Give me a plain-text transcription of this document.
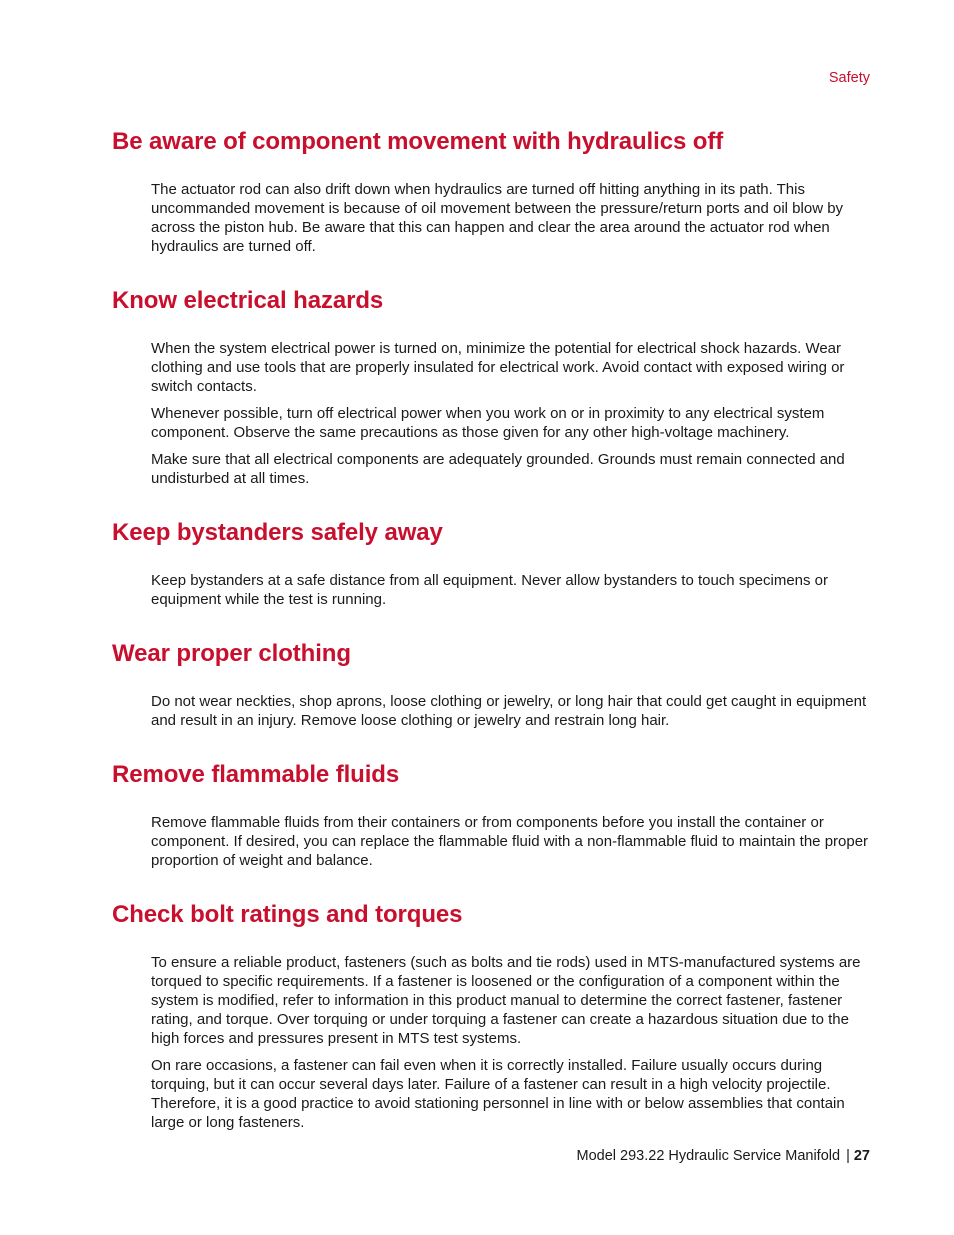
Safety
Be aware of component movement with hydraulics off

The actuator rod can also drift down when hydraulics are turned off hitting anything in its path. This uncommanded movement is because of oil movement between the pressure/return ports and oil blow by across the piston hub. Be aware that this can happen and clear the area around the actuator rod when hydraulics are turned off.

Know electrical hazards

When the system electrical power is turned on, minimize the potential for electrical shock hazards. Wear clothing and use tools that are properly insulated for electrical work. Avoid contact with exposed wiring or switch contacts.

Whenever possible, turn off electrical power when you work on or in proximity to any electrical system component. Observe the same precautions as those given for any other high-voltage machinery.

Make sure that all electrical components are adequately grounded. Grounds must remain connected and undisturbed at all times.

Keep bystanders safely away

Keep bystanders at a safe distance from all equipment. Never allow bystanders to touch specimens or equipment while the test is running.

Wear proper clothing

Do not wear neckties, shop aprons, loose clothing or jewelry, or long hair that could get caught in equipment and result in an injury. Remove loose clothing or jewelry and restrain long hair.

Remove flammable fluids

Remove flammable fluids from their containers or from components before you install the container or component. If desired, you can replace the flammable fluid with a non-flammable fluid to maintain the proper proportion of weight and balance.

Check bolt ratings and torques

To ensure a reliable product, fasteners (such as bolts and tie rods) used in MTS-manufactured systems are torqued to specific requirements. If a fastener is loosened or the configuration of a component within the system is modified, refer to information in this product manual to determine the correct fastener, fastener rating, and torque. Over torquing or under torquing a fastener can create a hazardous situation due to the high forces and pressures present in MTS test systems.

On rare occasions, a fastener can fail even when it is correctly installed. Failure usually occurs during torquing, but it can occur several days later. Failure of a fastener can result in a high velocity projectile. Therefore, it is a good practice to avoid stationing personnel in line with or below assemblies that contain large or long fasteners.

Model 293.22 Hydraulic Service Manifold | 27
